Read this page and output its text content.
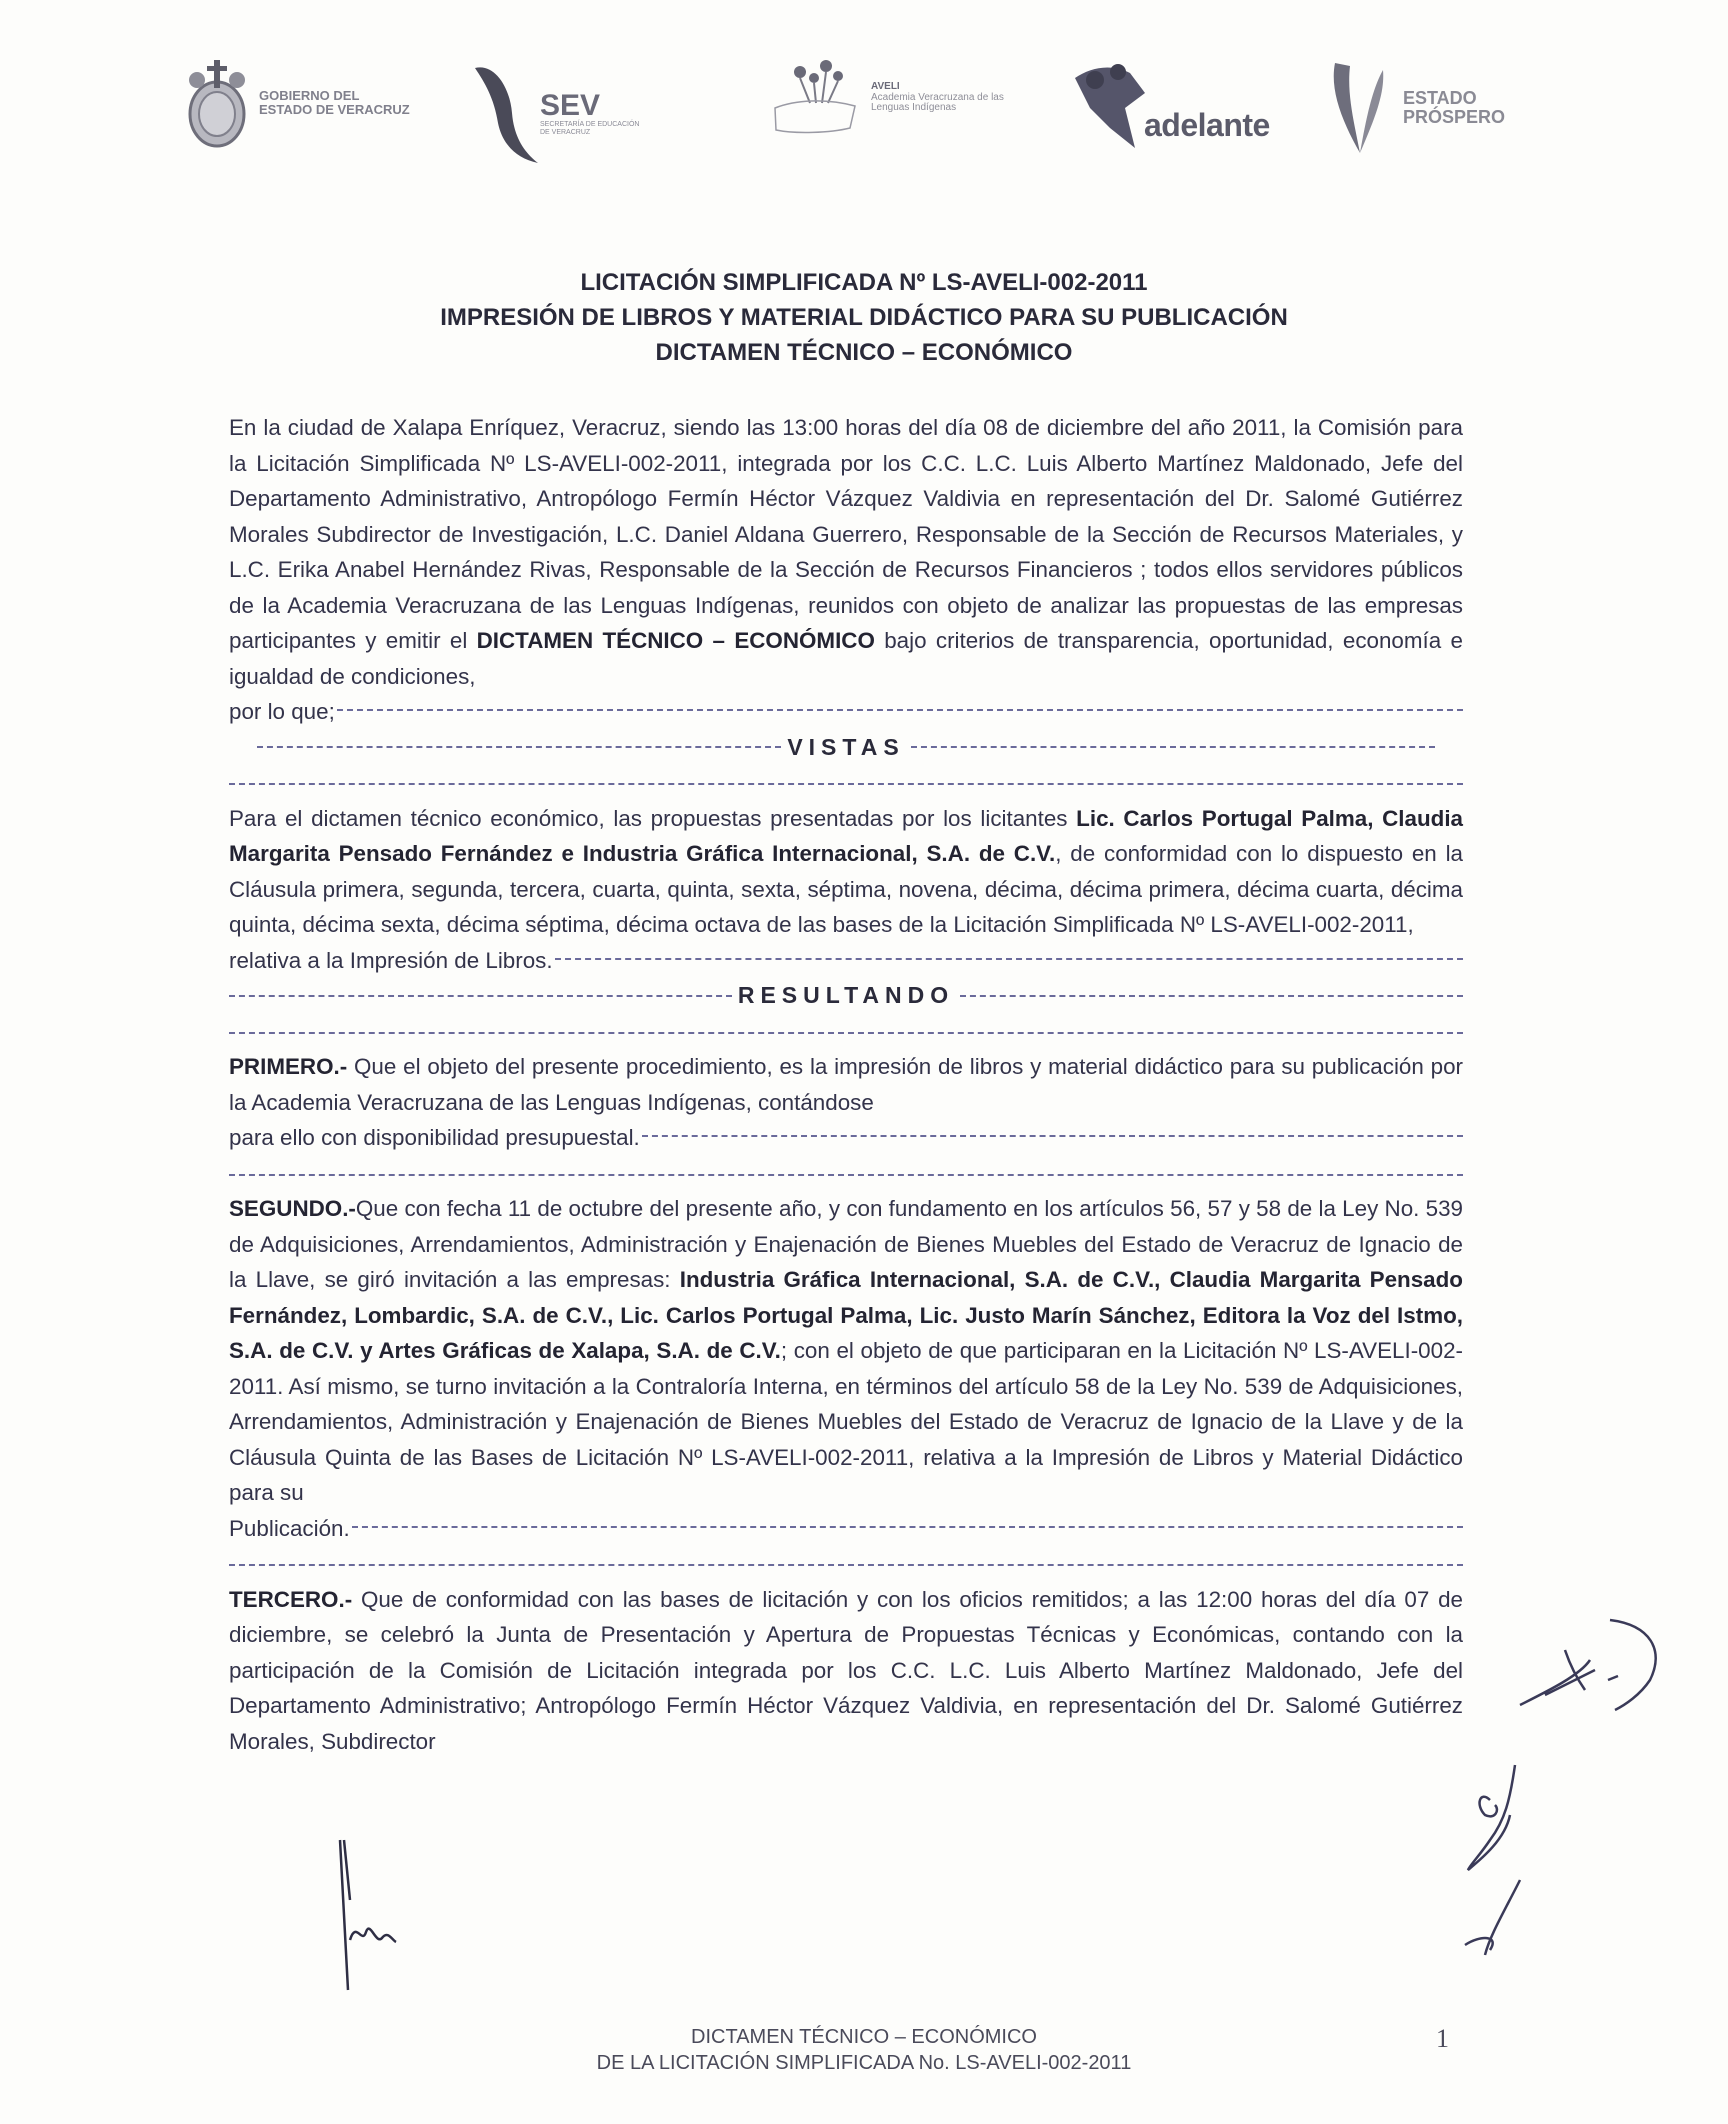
GOBIERNO DEL
ESTADO DE VERACRUZ	SEV
SECRETARÍA DE EDUCACIÓN
DE VERACRUZ
AVELI
Academia Veracruzana de las
Lenguas Indígenas	adelante
ESTADO
PRÓSPERO
LICITACIÓN SIMPLIFICADA Nº LS-AVELI-002-2011
IMPRESIÓN DE LIBROS Y MATERIAL DIDÁCTICO PARA SU PUBLICACIÓN
DICTAMEN TÉCNICO – ECONÓMICO

En la ciudad de Xalapa Enríquez, Veracruz, siendo las 13:00 horas del día 08 de diciembre del año 2011, la Comisión para la Licitación Simplificada Nº LS-AVELI-002-2011, integrada por los C.C. L.C. Luis Alberto Martínez Maldonado, Jefe del Departamento Administrativo, Antropólogo Fermín Héctor Vázquez Valdivia en representación del Dr. Salomé Gutiérrez Morales Subdirector de Investigación, L.C. Daniel Aldana Guerrero, Responsable de la Sección de Recursos Materiales, y L.C. Erika Anabel Hernández Rivas, Responsable de la Sección de Recursos Financieros ; todos ellos servidores públicos de la Academia Veracruzana de las Lenguas Indígenas, reunidos con objeto de analizar las propuestas de las empresas participantes y emitir el DICTAMEN TÉCNICO – ECONÓMICO bajo criterios de transparencia, oportunidad, economía e igualdad de condiciones,

por lo que;
VISTAS

Para el dictamen técnico económico, las propuestas presentadas por los licitantes Lic. Carlos Portugal Palma, Claudia Margarita Pensado Fernández e Industria Gráfica Internacional, S.A. de C.V., de conformidad con lo dispuesto en la Cláusula primera, segunda, tercera, cuarta, quinta, sexta, séptima, novena, décima, décima primera, décima cuarta, décima quinta, décima sexta, décima séptima, décima octava de las bases de la Licitación Simplificada Nº LS-AVELI-002-2011,

relativa a la Impresión de Libros.
RESULTANDO

PRIMERO.- Que el objeto del presente procedimiento, es la impresión de libros y material didáctico para su publicación por la Academia Veracruzana de las Lenguas Indígenas, contándose

para ello con disponibilidad presupuestal.

SEGUNDO.-Que con fecha 11 de octubre del presente año, y con fundamento en los artículos 56, 57 y 58 de la Ley No. 539 de Adquisiciones, Arrendamientos, Administración y Enajenación de Bienes Muebles del Estado de Veracruz de Ignacio de la Llave, se giró invitación a las empresas: Industria Gráfica Internacional, S.A. de C.V., Claudia Margarita Pensado Fernández, Lombardic, S.A. de C.V., Lic. Carlos Portugal Palma, Lic. Justo Marín Sánchez, Editora la Voz del Istmo, S.A. de C.V. y Artes Gráficas de Xalapa, S.A. de C.V.; con el objeto de que participaran en la Licitación Nº LS-AVELI-002-2011. Así mismo, se turno invitación a la Contraloría Interna, en términos del artículo 58 de la Ley No. 539 de Adquisiciones, Arrendamientos, Administración y Enajenación de Bienes Muebles del Estado de Veracruz de Ignacio de la Llave y de la Cláusula Quinta de las Bases de Licitación Nº LS-AVELI-002-2011, relativa a la Impresión de Libros y Material Didáctico para su

Publicación.

TERCERO.- Que de conformidad con las bases de licitación y con los oficios remitidos; a las 12:00 horas del día 07 de diciembre, se celebró la Junta de Presentación y Apertura de Propuestas Técnicas y Económicas, contando con la participación de la Comisión de Licitación integrada por los C.C. L.C. Luis Alberto Martínez Maldonado, Jefe del Departamento Administrativo; Antropólogo Fermín Héctor Vázquez Valdivia, en representación del Dr. Salomé Gutiérrez Morales, Subdirector

DICTAMEN TÉCNICO – ECONÓMICO
DE LA LICITACIÓN SIMPLIFICADA No. LS-AVELI-002-2011
1
